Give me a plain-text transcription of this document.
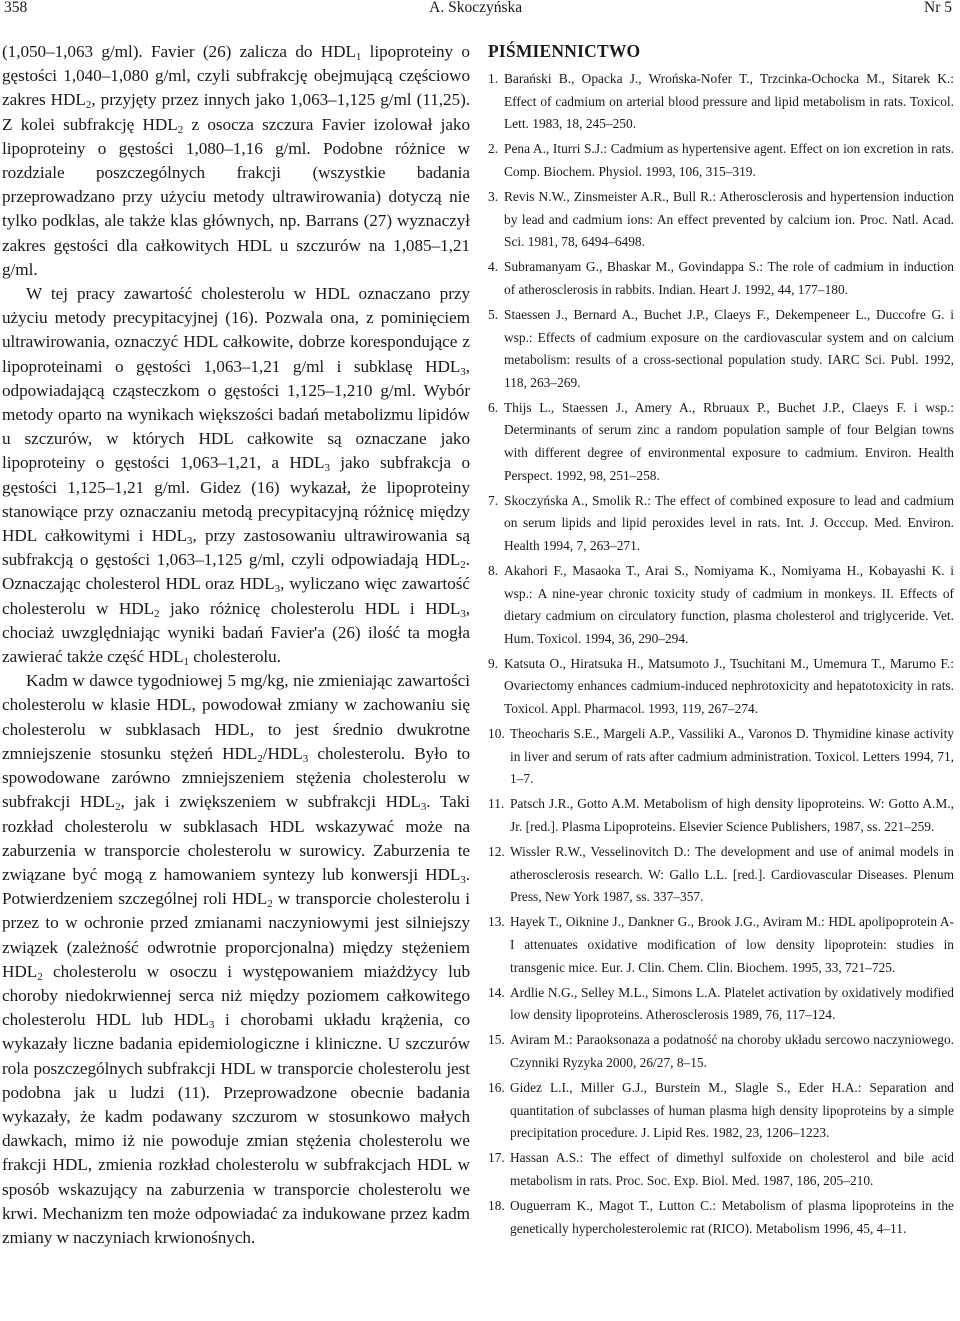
358	A. Skoczyńska	Nr 5

(1,050–1,063 g/ml). Favier (26) zalicza do $HDL_1$ lipoproteiny o gęstości 1,040–1,080 g/ml, czyli subfrakcję obejmującą częściowo zakres $HDL_2$, przyjęty przez innych jako 1,063–1,125 g/ml (11,25). Z kolei subfrakcję $HDL_2$ z osocza szczura Favier izolował jako lipoproteiny o gęstości 1,080–1,16 g/ml. Podobne różnice w rozdziale poszczególnych frakcji (wszystkie badania przeprowadzano przy użyciu metody ultrawirowania) dotyczą nie tylko podklas, ale także klas głównych, np. Barrans (27) wyznaczył zakres gęstości dla całkowitych HDL u szczurów na 1,085–1,21 g/ml.

W tej pracy zawartość cholesterolu w HDL oznaczano przy użyciu metody precypitacyjnej (16). Pozwala ona, z pominięciem ultrawirowania, oznaczyć HDL całkowite, dobrze korespondujące z lipoproteinami o gęstości 1,063–1,21 g/ml i subklasę $HDL_3$, odpowiadającą cząsteczkom o gęstości 1,125–1,210 g/ml. Wybór metody oparto na wynikach większości badań metabolizmu lipidów u szczurów, w których HDL całkowite są oznaczane jako lipoproteiny o gęstości 1,063–1,21, a $HDL_3$ jako subfrakcja o gęstości 1,125–1,21 g/ml. Gidez (16) wykazał, że lipoproteiny stanowiące przy oznaczaniu metodą precypitacyjną różnicę między HDL całkowitymi i $HDL_3$, przy zastosowaniu ultrawirowania są subfrakcją o gęstości 1,063–1,125 g/ml, czyli odpowiadają $HDL_2$. Oznaczając cholesterol HDL oraz $HDL_3$, wyliczano więc zawartość cholesterolu w $HDL_2$ jako różnicę cholesterolu HDL i $HDL_3$, chociaż uwzględniając wyniki badań Favier'a (26) ilość ta mogła zawierać także część $HDL_1$ cholesterolu.

Kadm w dawce tygodniowej 5 mg/kg, nie zmieniając zawartości cholesterolu w klasie HDL, powodował zmiany w zachowaniu się cholesterolu w subklasach HDL, to jest średnio dwukrotne zmniejszenie stosunku stężeń $HDL_2/HDL_3$ cholesterolu. Było to spowodowane zarówno zmniejszeniem stężenia cholesterolu w subfrakcji $HDL_2$, jak i zwiększeniem w subfrakcji $HDL_3$. Taki rozkład cholesterolu w subklasach HDL wskazywać może na zaburzenia w transporcie cholesterolu w surowicy. Zaburzenia te związane być mogą z hamowaniem syntezy lub konwersji $HDL_3$. Potwierdzeniem szczególnej roli $HDL_2$ w transporcie cholesterolu i przez to w ochronie przed zmianami naczyniowymi jest silniejszy związek (zależność odwrotnie proporcjonalna) między stężeniem $HDL_2$ cholesterolu w osoczu i występowaniem miażdżycy lub choroby niedokrwiennej serca niż między poziomem całkowitego cholesterolu HDL lub $HDL_3$ i chorobami układu krążenia, co wykazały liczne badania epidemiologiczne i kliniczne. U szczurów rola poszczególnych subfrakcji HDL w transporcie cholesterolu jest podobna jak u ludzi (11). Przeprowadzone obecnie badania wykazały, że kadm podawany szczurom w stosunkowo małych dawkach, mimo iż nie powoduje zmian stężenia cholesterolu we frakcji HDL, zmienia rozkład cholesterolu w subfrakcjach HDL w sposób wskazujący na zaburzenia w transporcie cholesterolu we krwi. Mechanizm ten może odpowiadać za indukowane przez kadm zmiany w naczyniach krwionośnych.

PIŚMIENNICTWO
1. Barański B., Opacka J., Wrońska-Nofer T., Trzcinka-Ochocka M., Sitarek K.: Effect of cadmium on arterial blood pressure and lipid metabolism in rats. Toxicol. Lett. 1983, 18, 245–250.
2. Pena A., Iturri S.J.: Cadmium as hypertensive agent. Effect on ion excretion in rats. Comp. Biochem. Physiol. 1993, 106, 315–319.
3. Revis N.W., Zinsmeister A.R., Bull R.: Atherosclerosis and hypertension induction by lead and cadmium ions: An effect prevented by calcium ion. Proc. Natl. Acad. Sci. 1981, 78, 6494–6498.
4. Subramanyam G., Bhaskar M., Govindappa S.: The role of cadmium in induction of atherosclerosis in rabbits. Indian. Heart J. 1992, 44, 177–180.
5. Staessen J., Bernard A., Buchet J.P., Claeys F., Dekempeneer L., Duccofre G. i wsp.: Effects of cadmium exposure on the cardiovascular system and on calcium metabolism: results of a cross-sectional population study. IARC Sci. Publ. 1992, 118, 263–269.
6. Thijs L., Staessen J., Amery A., Rbruaux P., Buchet J.P., Claeys F. i wsp.: Determinants of serum zinc a random population sample of four Belgian towns with different degree of environmental exposure to cadmium. Environ. Health Perspect. 1992, 98, 251–258.
7. Skoczyńska A., Smolik R.: The effect of combined exposure to lead and cadmium on serum lipids and lipid peroxides level in rats. Int. J. Occcup. Med. Environ. Health 1994, 7, 263–271.
8. Akahori F., Masaoka T., Arai S., Nomiyama K., Nomiyama H., Kobayashi K. i wsp.: A nine-year chronic toxicity study of cadmium in monkeys. II. Effects of dietary cadmium on circulatory function, plasma cholesterol and triglyceride. Vet. Hum. Toxicol. 1994, 36, 290–294.
9. Katsuta O., Hiratsuka H., Matsumoto J., Tsuchitani M., Umemura T., Marumo F.: Ovariectomy enhances cadmium-induced nephrotoxicity and hepatotoxicity in rats. Toxicol. Appl. Pharmacol. 1993, 119, 267–274.
10. Theocharis S.E., Margeli A.P., Vassiliki A., Varonos D. Thymidine kinase activity in liver and serum of rats after cadmium administration. Toxicol. Letters 1994, 71, 1–7.
11. Patsch J.R., Gotto A.M. Metabolism of high density lipoproteins. W: Gotto A.M., Jr. [red.]. Plasma Lipoproteins. Elsevier Science Publishers, 1987, ss. 221–259.
12. Wissler R.W., Vesselinovitch D.: The development and use of animal models in atherosclerosis research. W: Gallo L.L. [red.]. Cardiovascular Diseases. Plenum Press, New York 1987, ss. 337–357.
13. Hayek T., Oiknine J., Dankner G., Brook J.G., Aviram M.: HDL apolipoprotein A-I attenuates oxidative modification of low density lipoprotein: studies in transgenic mice. Eur. J. Clin. Chem. Clin. Biochem. 1995, 33, 721–725.
14. Ardlie N.G., Selley M.L., Simons L.A. Platelet activation by oxidatively modified low density lipoproteins. Atherosclerosis 1989, 76, 117–124.
15. Aviram M.: Paraoksonaza a podatność na choroby układu sercowo naczyniowego. Czynniki Ryzyka 2000, 26/27, 8–15.
16. Gidez L.I., Miller G.J., Burstein M., Slagle S., Eder H.A.: Separation and quantitation of subclasses of human plasma high density lipoproteins by a simple precipitation procedure. J. Lipid Res. 1982, 23, 1206–1223.
17. Hassan A.S.: The effect of dimethyl sulfoxide on cholesterol and bile acid metabolism in rats. Proc. Soc. Exp. Biol. Med. 1987, 186, 205–210.
18. Ouguerram K., Magot T., Lutton C.: Metabolism of plasma lipoproteins in the genetically hypercholesterolemic rat (RICO). Metabolism 1996, 45, 4–11.
